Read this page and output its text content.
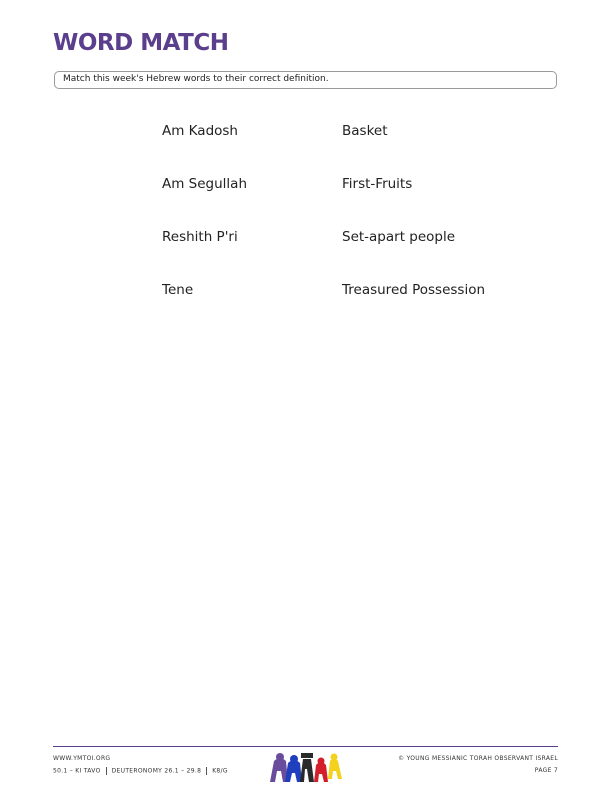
WORD MATCH
Match this week's Hebrew words to their correct definition.
Am Kadosh
Am Segullah
Reshith P'ri
Tene
Basket
First-Fruits
Set-apart people
Treasured Possession
WWW.YMTOI.ORG
50.1 – KI TAVO DEUTERONOMY 26.1 – 29.8 K8/G
© YOUNG MESSIANIC TORAH OBSERVANT ISRAEL
PAGE 7
